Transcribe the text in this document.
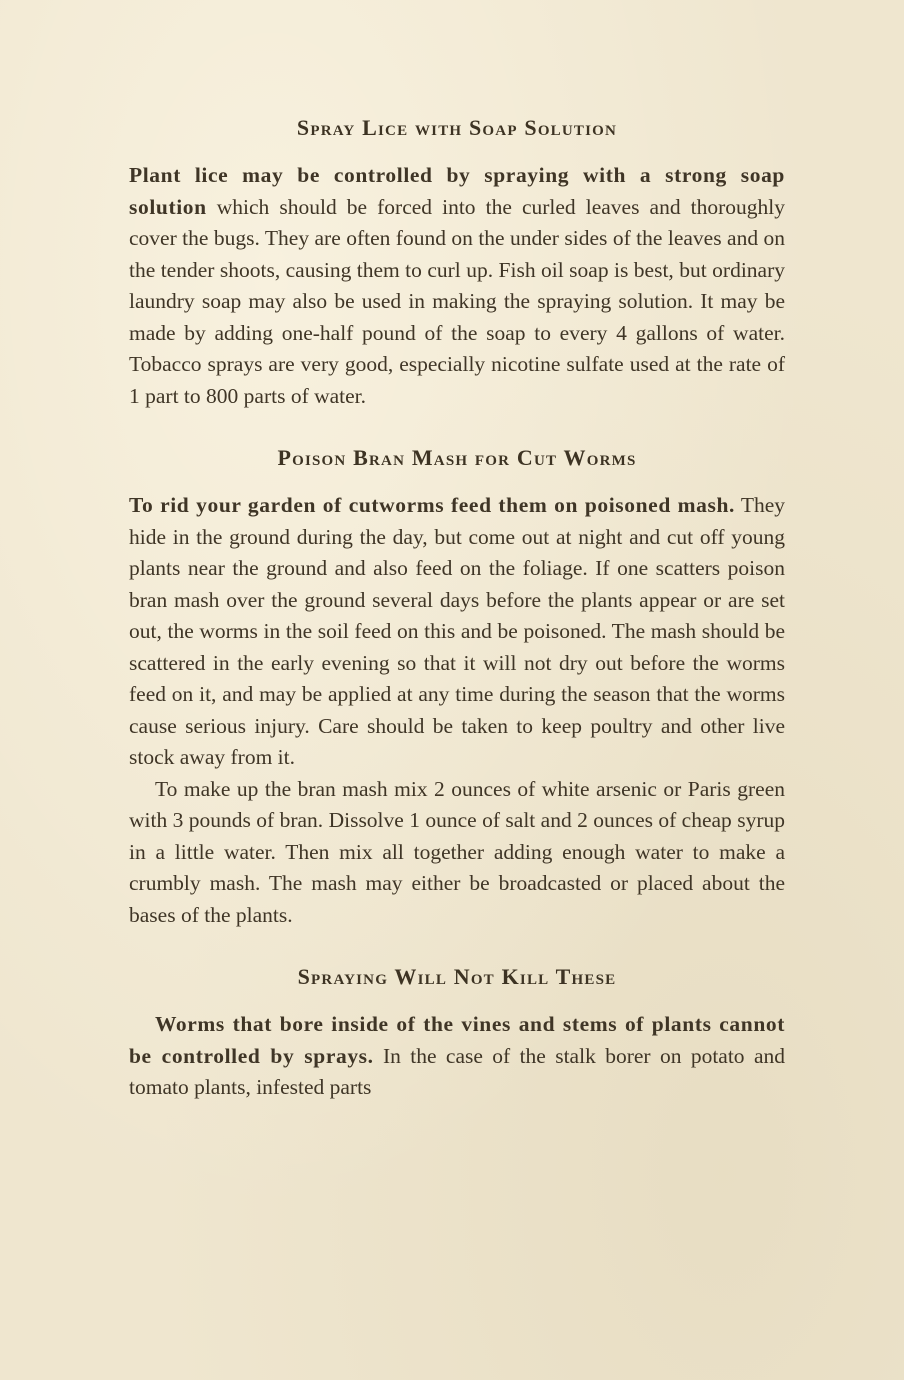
Spray Lice with Soap Solution

Plant lice may be controlled by spraying with a strong soap solution which should be forced into the curled leaves and thoroughly cover the bugs. They are often found on the under sides of the leaves and on the tender shoots, causing them to curl up. Fish oil soap is best, but ordinary laundry soap may also be used in making the spraying solution. It may be made by adding one-half pound of the soap to every 4 gallons of water. Tobacco sprays are very good, especially nicotine sulfate used at the rate of 1 part to 800 parts of water.

Poison Bran Mash for Cut Worms

To rid your garden of cutworms feed them on poisoned mash. They hide in the ground during the day, but come out at night and cut off young plants near the ground and also feed on the foliage. If one scatters poison bran mash over the ground several days before the plants appear or are set out, the worms in the soil feed on this and be poisoned. The mash should be scattered in the early evening so that it will not dry out before the worms feed on it, and may be applied at any time during the season that the worms cause serious injury. Care should be taken to keep poultry and other live stock away from it.

To make up the bran mash mix 2 ounces of white arsenic or Paris green with 3 pounds of bran. Dissolve 1 ounce of salt and 2 ounces of cheap syrup in a little water. Then mix all together adding enough water to make a crumbly mash. The mash may either be broadcasted or placed about the bases of the plants.

Spraying Will Not Kill These

Worms that bore inside of the vines and stems of plants cannot be controlled by sprays. In the case of the stalk borer on potato and tomato plants, infested parts
